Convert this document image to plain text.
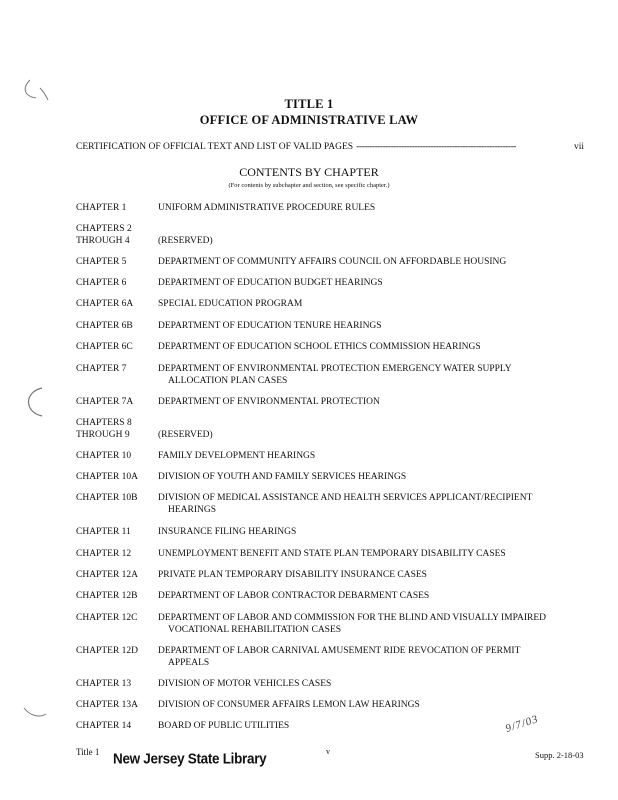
TITLE 1
OFFICE OF ADMINISTRATIVE LAW
CERTIFICATION OF OFFICIAL TEXT AND LIST OF VALID PAGES ------------------------------------------------------------	vii
CONTENTS BY CHAPTER
(For contents by subchapter and section, see specific chapter.)
CHAPTER 1	UNIFORM ADMINISTRATIVE PROCEDURE RULES
CHAPTERS 2
THROUGH 4	(RESERVED)
CHAPTER 5	DEPARTMENT OF COMMUNITY AFFAIRS COUNCIL ON AFFORDABLE HOUSING
CHAPTER 6	DEPARTMENT OF EDUCATION BUDGET HEARINGS
CHAPTER 6A	SPECIAL EDUCATION PROGRAM
CHAPTER 6B	DEPARTMENT OF EDUCATION TENURE HEARINGS
CHAPTER 6C	DEPARTMENT OF EDUCATION SCHOOL ETHICS COMMISSION HEARINGS
CHAPTER 7	DEPARTMENT OF ENVIRONMENTAL PROTECTION EMERGENCY WATER SUPPLY
ALLOCATION PLAN CASES
CHAPTER 7A	DEPARTMENT OF ENVIRONMENTAL PROTECTION
CHAPTERS 8
THROUGH 9	(RESERVED)
CHAPTER 10	FAMILY DEVELOPMENT HEARINGS
CHAPTER 10A	DIVISION OF YOUTH AND FAMILY SERVICES HEARINGS
CHAPTER 10B	DIVISION OF MEDICAL ASSISTANCE AND HEALTH SERVICES APPLICANT/RECIPIENT
HEARINGS
CHAPTER 11	INSURANCE FILING HEARINGS
CHAPTER 12	UNEMPLOYMENT BENEFIT AND STATE PLAN TEMPORARY DISABILITY CASES
CHAPTER 12A	PRIVATE PLAN TEMPORARY DISABILITY INSURANCE CASES
CHAPTER 12B	DEPARTMENT OF LABOR CONTRACTOR DEBARMENT CASES
CHAPTER 12C	DEPARTMENT OF LABOR AND COMMISSION FOR THE BLIND AND VISUALLY IMPAIRED
VOCATIONAL REHABILITATION CASES
CHAPTER 12D	DEPARTMENT OF LABOR CARNIVAL AMUSEMENT RIDE REVOCATION OF PERMIT
APPEALS
CHAPTER 13	DIVISION OF MOTOR VEHICLES CASES
CHAPTER 13A	DIVISION OF CONSUMER AFFAIRS LEMON LAW HEARINGS
CHAPTER 14	BOARD OF PUBLIC UTILITIES
Title 1 New Jersey State Library	v
9/7/03
Supp. 2-18-03
